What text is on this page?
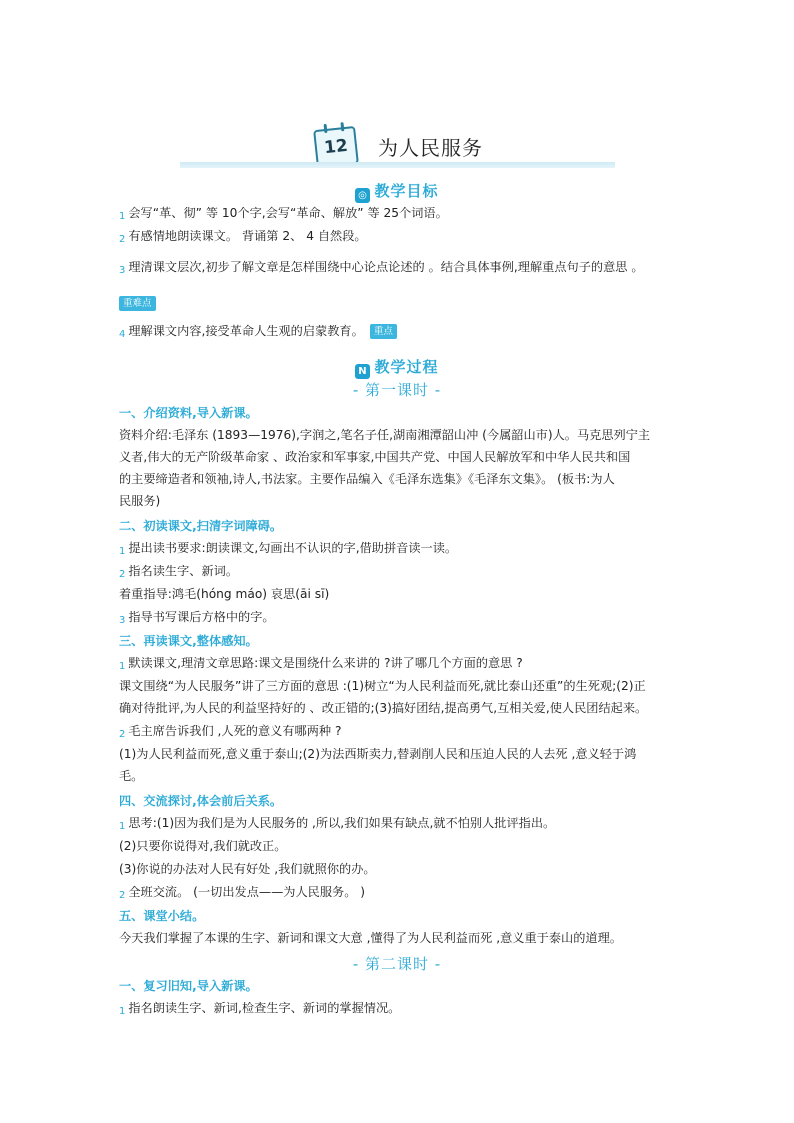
12 为人民服务
◎ 教学目标
1 会写“革、彻” 等 10个字,会写“革命、解放” 等 25个词语。
2 有感情地朗读课文。 背诵第 2、 4 自然段。
3 理清课文层次,初步了解文章是怎样围绕中心论点论述的 。结合具体事例,理解重点句子的意思 。
重难点
4 理解课文内容,接受革命人生观的启蒙教育。 重点
N 教学过程
- 第一课时 -
一、介绍资料,导入新课。
资料介绍:毛泽东 (1893—1976),字润之,笔名子任,湖南湘潭韶山冲 (今属韶山市)人。马克思列宁主
义者,伟大的无产阶级革命家 、政治家和军事家,中国共产党、中国人民解放军和中华人民共和国
的主要缔造者和领袖,诗人,书法家。主要作品编入《毛泽东选集》《毛泽东文集》。 (板书:为人
民服务)
二、初读课文,扫清字词障碍。
1 提出读书要求:朗读课文,勾画出不认识的字,借助拼音读一读。
2 指名读生字、新词。
着重指导:鸿毛(hóng máo) 哀思(āi sī)
3 指导书写课后方格中的字。
三、再读课文,整体感知。
1 默读课文,理清文章思路:课文是围绕什么来讲的 ?讲了哪几个方面的意思 ?
课文围绕“为人民服务”讲了三方面的意思 :(1)树立“为人民利益而死,就比泰山还重”的生死观;(2)正
确对待批评,为人民的利益坚持好的 、改正错的;(3)搞好团结,提高勇气,互相关爱,使人民团结起来。
2 毛主席告诉我们 ,人死的意义有哪两种 ?
(1)为人民利益而死,意义重于泰山;(2)为法西斯卖力,替剥削人民和压迫人民的人去死 ,意义轻于鸿
毛。
四、交流探讨,体会前后关系。
1 思考:(1)因为我们是为人民服务的 ,所以,我们如果有缺点,就不怕别人批评指出。
(2)只要你说得对,我们就改正。
(3)你说的办法对人民有好处 ,我们就照你的办。
2 全班交流。 (一切出发点——为人民服务。 )
五、课堂小结。
今天我们掌握了本课的生字、新词和课文大意 ,懂得了为人民利益而死 ,意义重于泰山的道理。
- 第二课时 -
一、复习旧知,导入新课。
1 指名朗读生字、新词,检查生字、新词的掌握情况。
